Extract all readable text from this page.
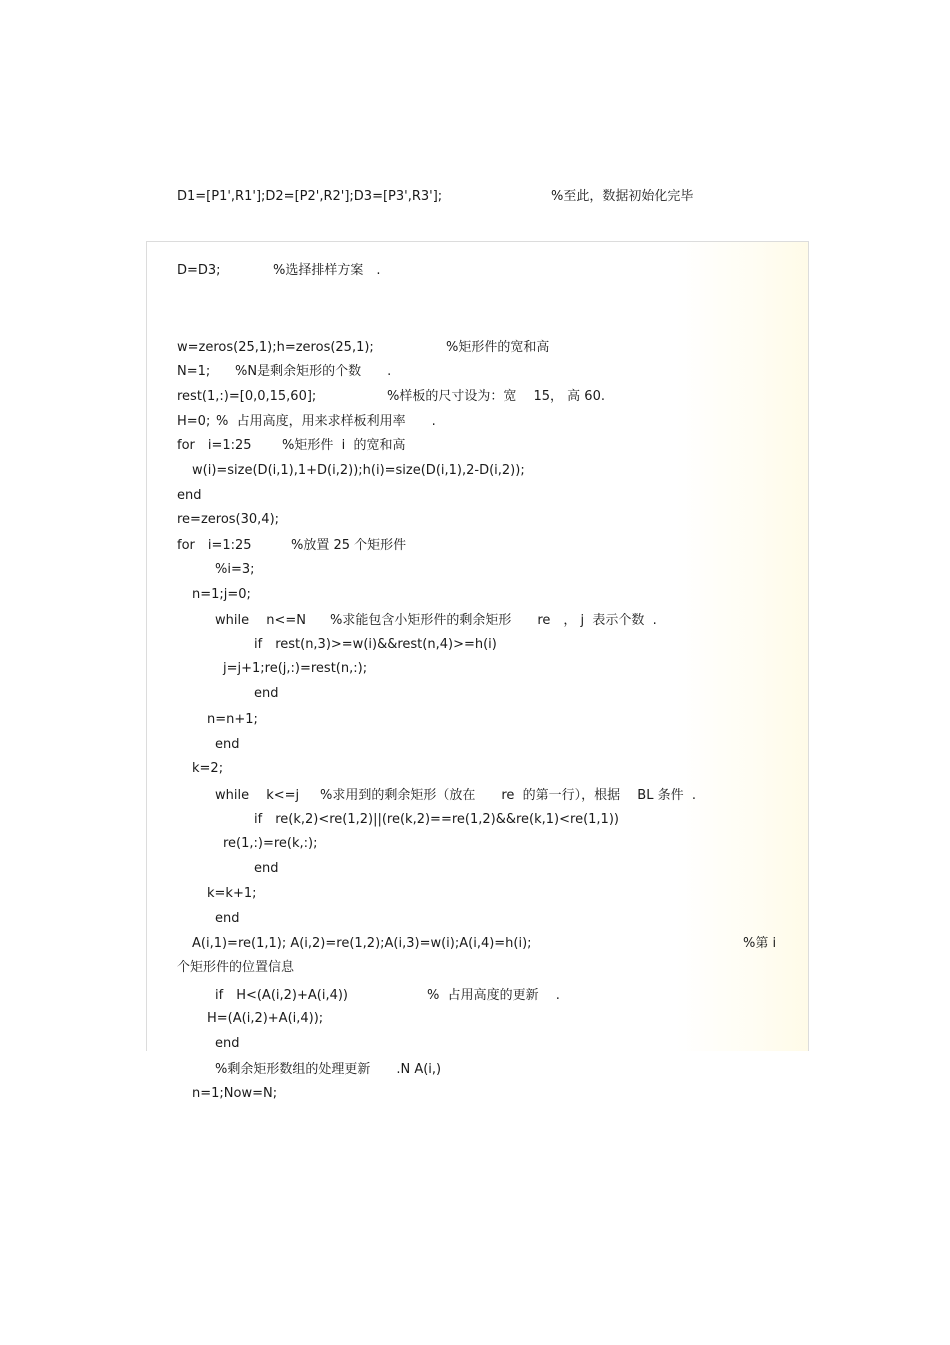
D1=[P1',R1'];D2=[P2',R2'];D3=[P3',R3'];	%至此，数据初始化完毕
D=D3;	%选择排样方案　.
w=zeros(25,1);h=zeros(25,1);	%矩形件的宽和高
N=1; %N是剩余矩形的个数　　.
rest(1,:)=[0,0,15,60];	%样板的尺寸设为：宽　 15， 高 60.
H=0; %  占用高度，用来求样板利用率　　.
for　i=1:25 %矩形件  i  的宽和高
w(i)=size(D(i,1),1+D(i,2));h(i)=size(D(i,1),2-D(i,2));
end
re=zeros(30,4);
for　i=1:25	%放置 25 个矩形件
%i=3;
n=1;j=0;
while　 n<=N %求能包含小矩形件的剩余矩形　　re　， j  表示个数  .
if　rest(n,3)>=w(i)&&rest(n,4)>=h(i)
j=j+1;re(j,:)=rest(n,:);
end
n=n+1;
end
k=2;
while　 k<=j %求用到的剩余矩形（放在　　re  的第一行），根据　 BL 条件  .
if　re(k,2)<re(1,2)||(re(k,2)==re(1,2)&&re(k,1)<re(1,1))
re(1,:)=re(k,:);
end
k=k+1;
end
A(i,1)=re(1,1); A(i,2)=re(1,2);A(i,3)=w(i);A(i,4)=h(i);	%第 i
个矩形件的位置信息
if　H<(A(i,2)+A(i,4))	%  占用高度的更新　 .
H=(A(i,2)+A(i,4));
end
%剩余矩形数组的处理更新　　.N A(i,)
n=1;Now=N;
